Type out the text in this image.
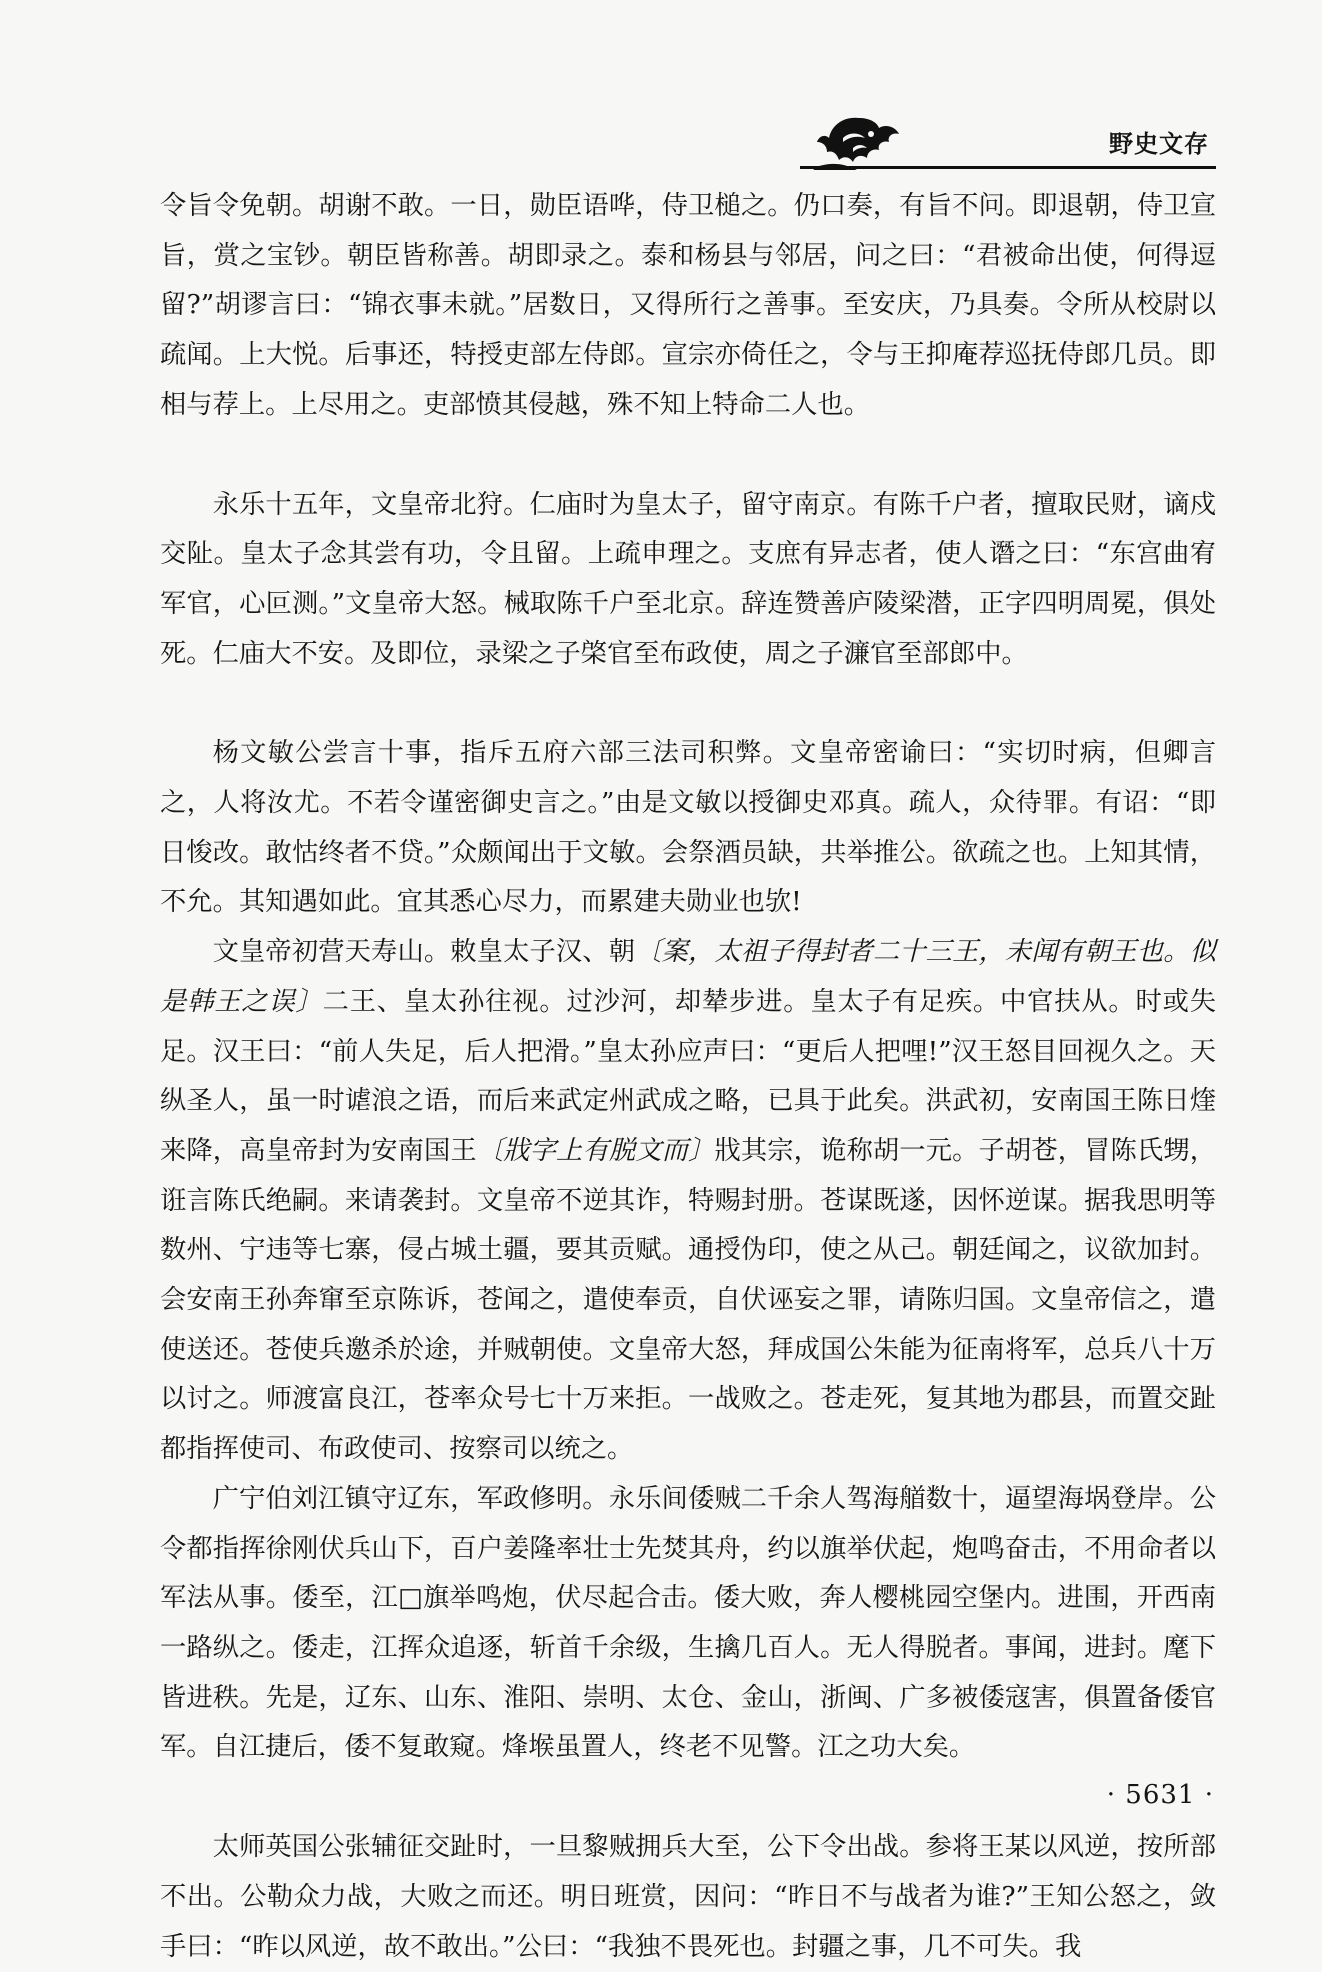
野史文存

令旨令免朝。胡谢不敢。一日，勋臣语哗，侍卫槌之。仍口奏，有旨不问。即退朝，侍卫宣旨，赏之宝钞。朝臣皆称善。胡即录之。泰和杨县与邻居，问之曰：“君被命出使，何得逗留?”胡谬言曰：“锦衣事未就。”居数日，又得所行之善事。至安庆，乃具奏。令所从校尉以疏闻。上大悦。后事还，特授吏部左侍郎。宣宗亦倚任之，令与王抑庵荐巡抚侍郎几员。即相与荐上。上尽用之。吏部愤其侵越，殊不知上特命二人也。

永乐十五年，文皇帝北狩。仁庙时为皇太子，留守南京。有陈千户者，擅取民财，谪戍交阯。皇太子念其尝有功，令且留。上疏申理之。支庶有异志者，使人谮之曰：“东宫曲宥军官，心叵测。”文皇帝大怒。械取陈千户至北京。辞连赞善庐陵梁潜，正字四明周冕，俱处死。仁庙大不安。及即位，录梁之子棨官至布政使，周之子濂官至部郎中。

杨文敏公尝言十事，指斥五府六部三法司积弊。文皇帝密谕曰：“实切时病，但卿言之，人将汝尤。不若令谨密御史言之。”由是文敏以授御史邓真。疏人，众待罪。有诏：“即日悛改。敢怙终者不贷。”众颇闻出于文敏。会祭酒员缺，共举推公。欲疏之也。上知其情，不允。其知遇如此。宜其悉心尽力，而累建夫勋业也欤!

文皇帝初营天寿山。敕皇太子汉、朝〔案，太祖子得封者二十三王，未闻有朝王也。似是韩王之误〕二王、皇太孙往视。过沙河，却辇步进。皇太子有足疾。中官扶从。时或失足。汉王曰：“前人失足，后人把滑。”皇太孙应声曰：“更后人把哩!”汉王怒目回视久之。天纵圣人，虽一时谑浪之语，而后来武定州武成之略，已具于此矣。洪武初，安南国王陈日煃来降，高皇帝封为安南国王〔戕字上有脱文而〕戕其宗，诡称胡一元。子胡苍，冒陈氏甥，诳言陈氏绝嗣。来请袭封。文皇帝不逆其诈，特赐封册。苍谋既遂，因怀逆谋。据我思明等数州、宁违等七寨，侵占城土疆，要其贡赋。通授伪印，使之从己。朝廷闻之，议欲加封。会安南王孙奔窜至京陈诉，苍闻之，遣使奉贡，自伏诬妄之罪，请陈归国。文皇帝信之，遣使送还。苍使兵邀杀於途，并贼朝使。文皇帝大怒，拜成国公朱能为征南将军，总兵八十万以讨之。师渡富良江，苍率众号七十万来拒。一战败之。苍走死，复其地为郡县，而置交趾都指挥使司、布政使司、按察司以统之。

广宁伯刘江镇守辽东，军政修明。永乐间倭贼二千余人驾海艏数十，逼望海埚登岸。公令都指挥徐刚伏兵山下，百户姜隆率壮士先焚其舟，约以旗举伏起，炮鸣奋击，不用命者以军法从事。倭至，江□旗举鸣炮，伏尽起合击。倭大败，奔人樱桃园空堡内。进围，开西南一路纵之。倭走，江挥众追逐，斩首千余级，生擒几百人。无人得脱者。事闻，进封。麾下皆进秩。先是，辽东、山东、淮阳、崇明、太仓、金山，浙闽、广多被倭寇害，俱置备倭官军。自江捷后，倭不复敢窥。烽堠虽置人，终老不见警。江之功大矣。

太师英国公张辅征交趾时，一旦黎贼拥兵大至，公下令出战。参将王某以风逆，按所部不出。公勒众力战，大败之而还。明日班赏，因问：“昨日不与战者为谁?”王知公怒之，敛手曰：“昨以风逆，故不敢出。”公曰：“我独不畏死也。封疆之事，几不可失。我

· 5631 ·
